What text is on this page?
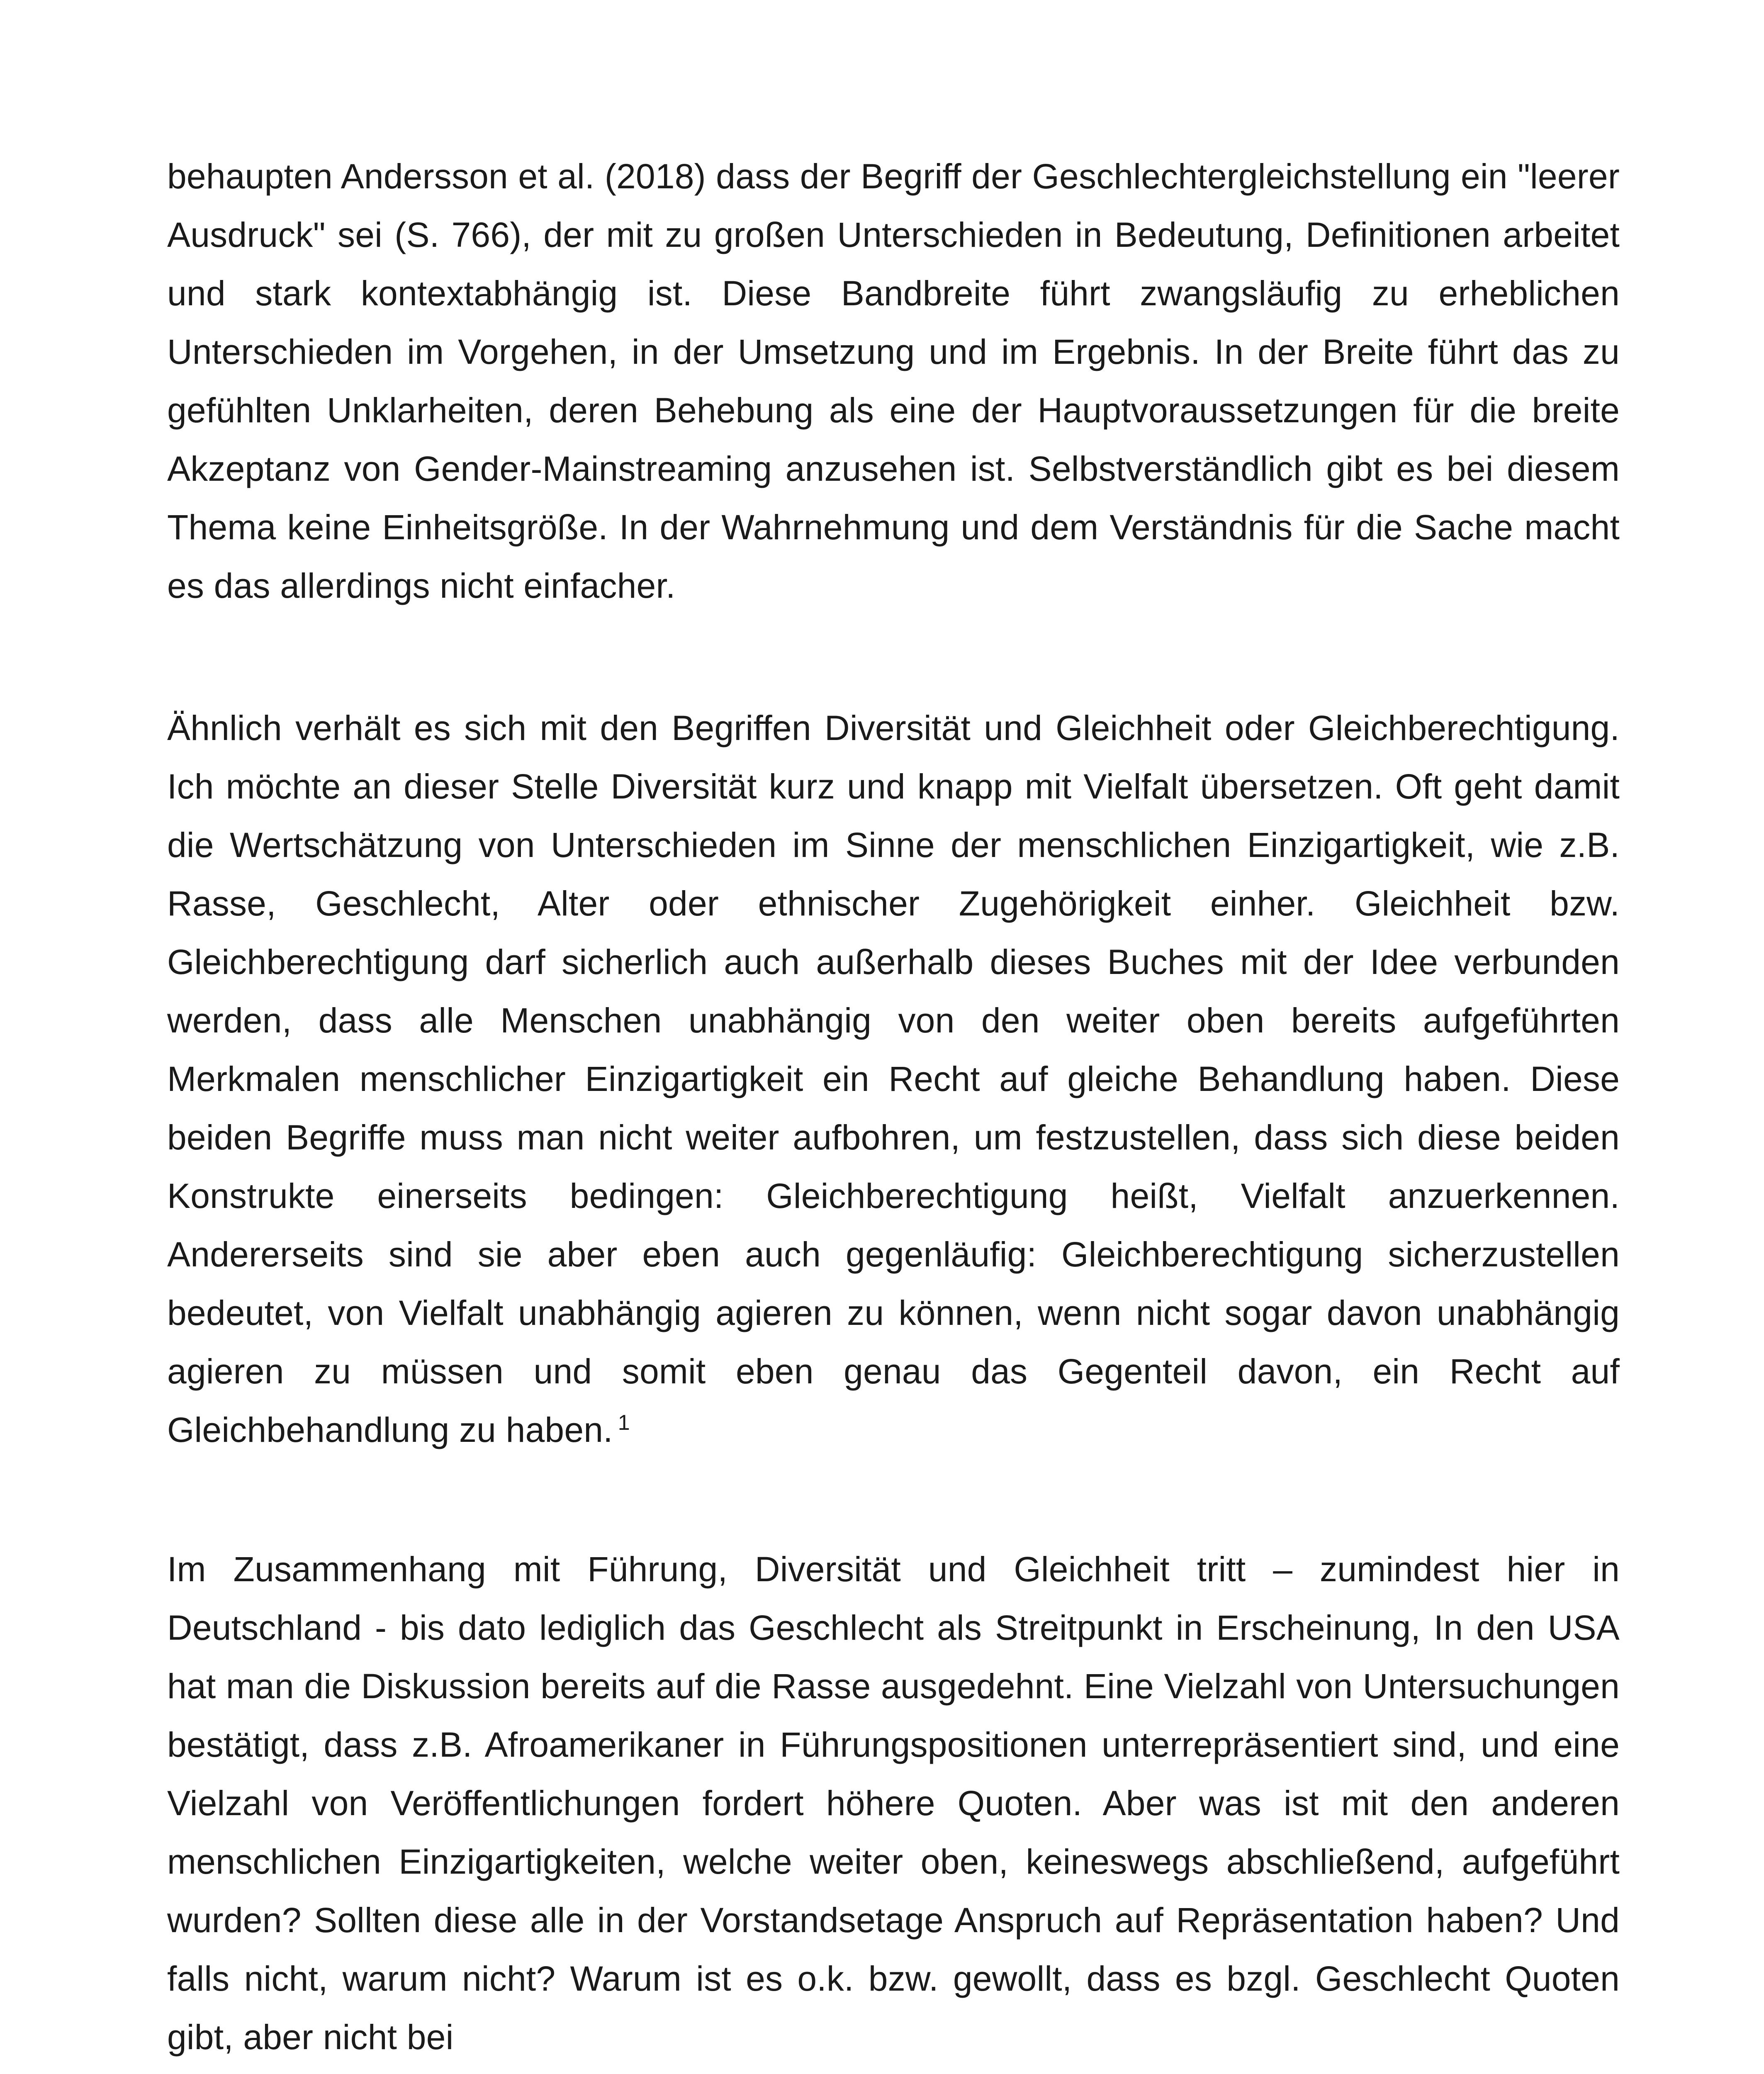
behaupten Andersson et al. (2018) dass der Begriff der Geschlechtergleichstellung ein "leerer Ausdruck" sei (S. 766), der mit zu großen Unterschieden in Bedeutung, Definitionen arbeitet und stark kontextabhängig ist. Diese Bandbreite führt zwangsläufig zu erheblichen Unterschieden im Vorgehen, in der Umsetzung und im Ergebnis. In der Breite führt das zu gefühlten Unklarheiten, deren Behebung als eine der Hauptvoraussetzungen für die breite Akzeptanz von Gender-Mainstreaming anzusehen ist. Selbstverständlich gibt es bei diesem Thema keine Einheitsgröße. In der Wahrnehmung und dem Verständnis für die Sache macht es das allerdings nicht einfacher.

Ähnlich verhält es sich mit den Begriffen Diversität und Gleichheit oder Gleichberechtigung. Ich möchte an dieser Stelle Diversität kurz und knapp mit Vielfalt übersetzen. Oft geht damit die Wertschätzung von Unterschieden im Sinne der menschlichen Einzigartigkeit, wie z.B. Rasse, Geschlecht, Alter oder ethnischer Zugehörigkeit einher. Gleichheit bzw. Gleichberechtigung darf sicherlich auch außerhalb dieses Buches mit der Idee verbunden werden, dass alle Menschen unabhängig von den weiter oben bereits aufgeführten Merkmalen menschlicher Einzigartigkeit ein Recht auf gleiche Behandlung haben. Diese beiden Begriffe muss man nicht weiter aufbohren, um festzustellen, dass sich diese beiden Konstrukte einerseits bedingen: Gleichberechtigung heißt, Vielfalt anzuerkennen. Andererseits sind sie aber eben auch gegenläufig: Gleichberechtigung sicherzustellen bedeutet, von Vielfalt unabhängig agieren zu können, wenn nicht sogar davon unabhängig agieren zu müssen und somit eben genau das Gegenteil davon, ein Recht auf Gleichbehandlung zu haben. $^1$

Im Zusammenhang mit Führung, Diversität und Gleichheit tritt – zumindest hier in Deutschland - bis dato lediglich das Geschlecht als Streitpunkt in Erscheinung, In den USA hat man die Diskussion bereits auf die Rasse ausgedehnt. Eine Vielzahl von Untersuchungen bestätigt, dass z.B. Afroamerikaner in Führungspositionen unterrepräsentiert sind, und eine Vielzahl von Veröffentlichungen fordert höhere Quoten. Aber was ist mit den anderen menschlichen Einzigartigkeiten, welche weiter oben, keineswegs abschließend, aufgeführt wurden? Sollten diese alle in der Vorstandsetage Anspruch auf Repräsentation haben? Und falls nicht, warum nicht? Warum ist es o.k. bzw. gewollt, dass es bzgl. Geschlecht Quoten gibt, aber nicht bei
